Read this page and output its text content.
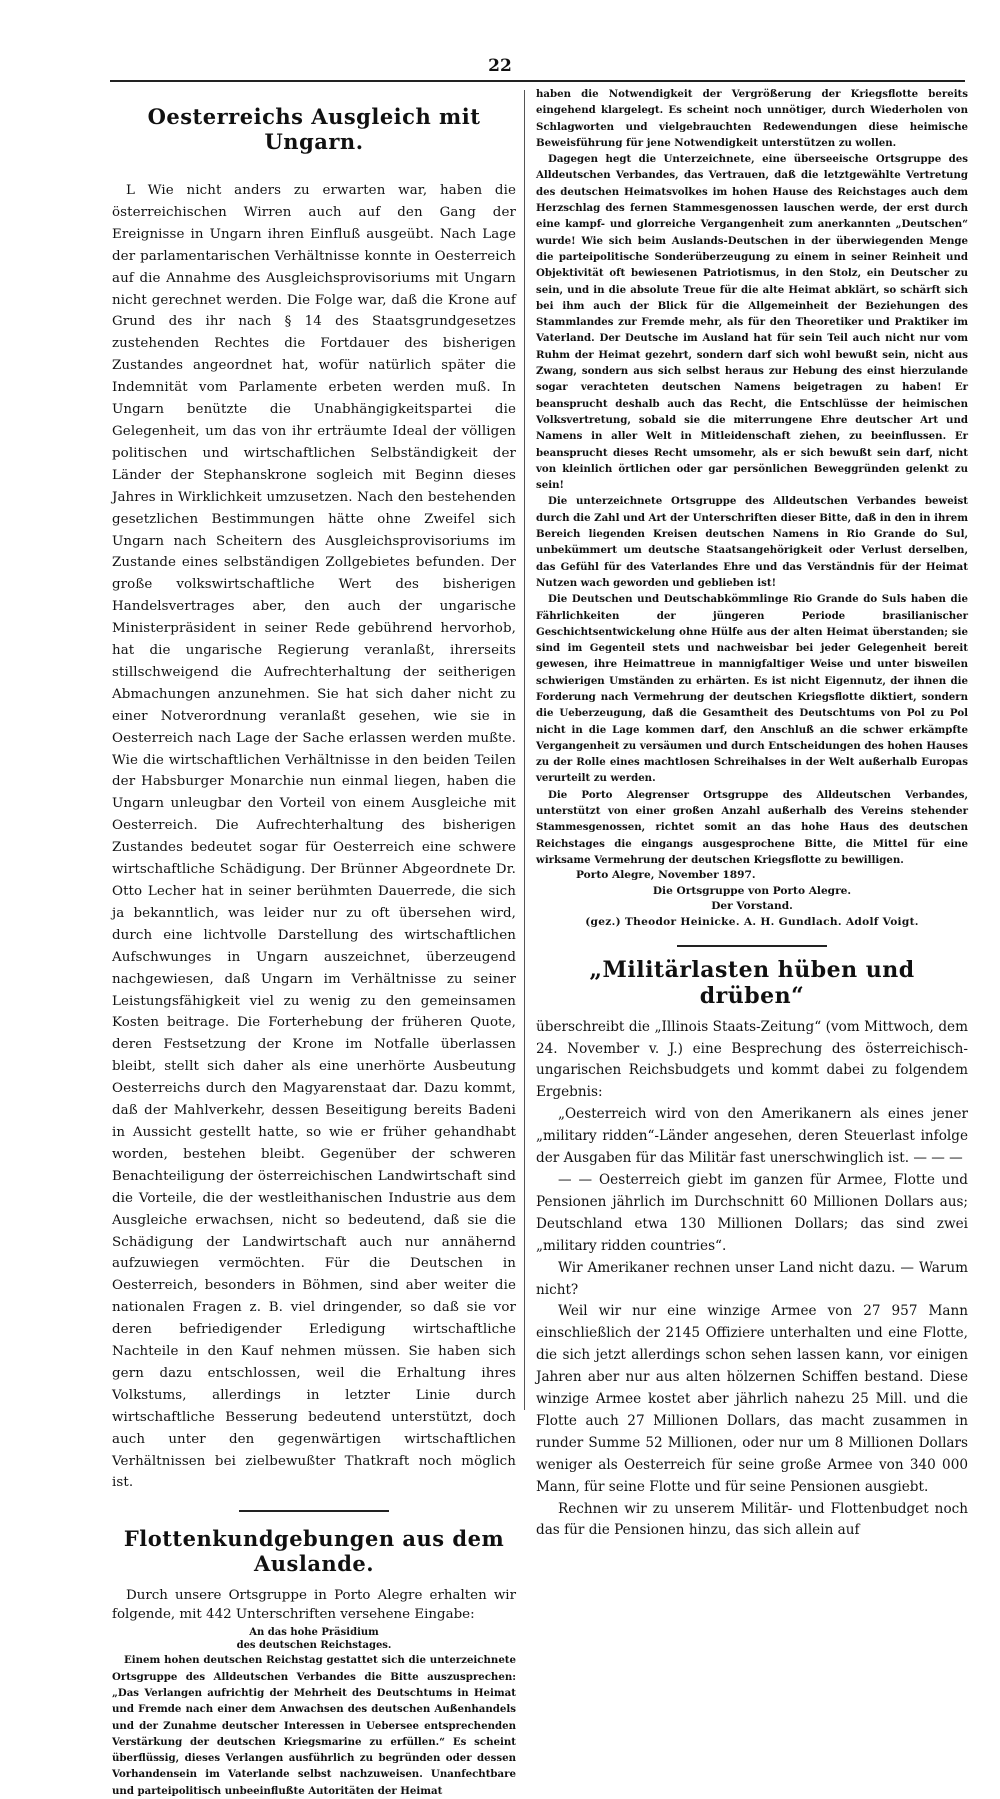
22
Oesterreichs Ausgleich mit Ungarn.

L Wie nicht anders zu erwarten war, haben die österreichischen Wirren auch auf den Gang der Ereignisse in Ungarn ihren Einfluß ausgeübt. Nach Lage der parlamentarischen Verhältnisse konnte in Oesterreich auf die Annahme des Ausgleichsprovisoriums mit Ungarn nicht gerechnet werden. Die Folge war, daß die Krone auf Grund des ihr nach § 14 des Staatsgrundgesetzes zustehenden Rechtes die Fortdauer des bisherigen Zustandes angeordnet hat, wofür natürlich später die Indemnität vom Parlamente erbeten werden muß. In Ungarn benützte die Unabhängigkeitspartei die Gelegenheit, um das von ihr erträumte Ideal der völligen politischen und wirtschaftlichen Selbständigkeit der Länder der Stephanskrone sogleich mit Beginn dieses Jahres in Wirklichkeit umzusetzen. Nach den bestehenden gesetzlichen Bestimmungen hätte ohne Zweifel sich Ungarn nach Scheitern des Ausgleichsprovisoriums im Zustande eines selbständigen Zollgebietes befunden. Der große volkswirtschaftliche Wert des bisherigen Handelsvertrages aber, den auch der ungarische Ministerpräsident in seiner Rede gebührend hervorhob, hat die ungarische Regierung veranlaßt, ihrerseits stillschweigend die Aufrechterhaltung der seitherigen Abmachungen anzunehmen. Sie hat sich daher nicht zu einer Notverordnung veranlaßt gesehen, wie sie in Oesterreich nach Lage der Sache erlassen werden mußte. Wie die wirtschaftlichen Verhältnisse in den beiden Teilen der Habsburger Monarchie nun einmal liegen, haben die Ungarn unleugbar den Vorteil von einem Ausgleiche mit Oesterreich. Die Aufrechterhaltung des bisherigen Zustandes bedeutet sogar für Oesterreich eine schwere wirtschaftliche Schädigung. Der Brünner Abgeordnete Dr. Otto Lecher hat in seiner berühmten Dauerrede, die sich ja bekanntlich, was leider nur zu oft übersehen wird, durch eine lichtvolle Darstellung des wirtschaftlichen Aufschwunges in Ungarn auszeichnet, überzeugend nachgewiesen, daß Ungarn im Verhältnisse zu seiner Leistungsfähigkeit viel zu wenig zu den gemeinsamen Kosten beitrage. Die Forterhebung der früheren Quote, deren Festsetzung der Krone im Notfalle überlassen bleibt, stellt sich daher als eine unerhörte Ausbeutung Oesterreichs durch den Magyarenstaat dar. Dazu kommt, daß der Mahlverkehr, dessen Beseitigung bereits Badeni in Aussicht gestellt hatte, so wie er früher gehandhabt worden, bestehen bleibt. Gegenüber der schweren Benachteiligung der österreichischen Landwirtschaft sind die Vorteile, die der westleithanischen Industrie aus dem Ausgleiche erwachsen, nicht so bedeutend, daß sie die Schädigung der Landwirtschaft auch nur annähernd aufzuwiegen vermöchten. Für die Deutschen in Oesterreich, besonders in Böhmen, sind aber weiter die nationalen Fragen z. B. viel dringender, so daß sie vor deren befriedigender Erledigung wirtschaftliche Nachteile in den Kauf nehmen müssen. Sie haben sich gern dazu entschlossen, weil die Erhaltung ihres Volkstums, allerdings in letzter Linie durch wirtschaftliche Besserung bedeutend unterstützt, doch auch unter den gegenwärtigen wirtschaftlichen Verhältnissen bei zielbewußter Thatkraft noch möglich ist.

Flottenkundgebungen aus dem Auslande.

Durch unsere Ortsgruppe in Porto Alegre erhalten wir folgende, mit 442 Unterschriften versehene Eingabe:

An das hohe Präsidium

des deutschen Reichstages.

Einem hohen deutschen Reichstag gestattet sich die unterzeichnete Ortsgruppe des Alldeutschen Verbandes die Bitte auszusprechen: „Das Verlangen aufrichtig der Mehrheit des Deutschtums in Heimat und Fremde nach einer dem Anwachsen des deutschen Außenhandels und der Zunahme deutscher Interessen in Uebersee entsprechenden Verstärkung der deutschen Kriegsmarine zu erfüllen.“ Es scheint überflüssig, dieses Verlangen ausführlich zu begründen oder dessen Vorhandensein im Vaterlande selbst nachzuweisen. Unanfechtbare und parteipolitisch unbeeinflußte Autoritäten der Heimat

haben die Notwendigkeit der Vergrößerung der Kriegsflotte bereits eingehend klargelegt. Es scheint noch unnötiger, durch Wiederholen von Schlagworten und vielgebrauchten Redewendungen diese heimische Beweisführung für jene Notwendigkeit unterstützen zu wollen.

Dagegen hegt die Unterzeichnete, eine überseeische Ortsgruppe des Alldeutschen Verbandes, das Vertrauen, daß die letztgewählte Vertretung des deutschen Heimatsvolkes im hohen Hause des Reichstages auch dem Herzschlag des fernen Stammesgenossen lauschen werde, der erst durch eine kampf- und glorreiche Vergangenheit zum anerkannten „Deutschen“ wurde! Wie sich beim Auslands-Deutschen in der überwiegenden Menge die parteipolitische Sonderüberzeugung zu einem in seiner Reinheit und Objektivität oft bewiesenen Patriotismus, in den Stolz, ein Deutscher zu sein, und in die absolute Treue für die alte Heimat abklärt, so schärft sich bei ihm auch der Blick für die Allgemeinheit der Beziehungen des Stammlandes zur Fremde mehr, als für den Theoretiker und Praktiker im Vaterland. Der Deutsche im Ausland hat für sein Teil auch nicht nur vom Ruhm der Heimat gezehrt, sondern darf sich wohl bewußt sein, nicht aus Zwang, sondern aus sich selbst heraus zur Hebung des einst hierzulande sogar verachteten deutschen Namens beigetragen zu haben! Er beansprucht deshalb auch das Recht, die Entschlüsse der heimischen Volksvertretung, sobald sie die miterrungene Ehre deutscher Art und Namens in aller Welt in Mitleidenschaft ziehen, zu beeinflussen. Er beansprucht dieses Recht umsomehr, als er sich bewußt sein darf, nicht von kleinlich örtlichen oder gar persönlichen Beweggründen gelenkt zu sein!

Die unterzeichnete Ortsgruppe des Alldeutschen Verbandes beweist durch die Zahl und Art der Unterschriften dieser Bitte, daß in den in ihrem Bereich liegenden Kreisen deutschen Namens in Rio Grande do Sul, unbekümmert um deutsche Staatsangehörigkeit oder Verlust derselben, das Gefühl für des Vaterlandes Ehre und das Verständnis für der Heimat Nutzen wach geworden und geblieben ist!

Die Deutschen und Deutschabkömmlinge Rio Grande do Suls haben die Fährlichkeiten der jüngeren Periode brasilianischer Geschichtsentwickelung ohne Hülfe aus der alten Heimat überstanden; sie sind im Gegenteil stets und nachweisbar bei jeder Gelegenheit bereit gewesen, ihre Heimattreue in mannigfaltiger Weise und unter bisweilen schwierigen Umständen zu erhärten. Es ist nicht Eigennutz, der ihnen die Forderung nach Vermehrung der deutschen Kriegsflotte diktiert, sondern die Ueberzeugung, daß die Gesamtheit des Deutschtums von Pol zu Pol nicht in die Lage kommen darf, den Anschluß an die schwer erkämpfte Vergangenheit zu versäumen und durch Entscheidungen des hohen Hauses zu der Rolle eines machtlosen Schreihalses in der Welt außerhalb Europas verurteilt zu werden.

Die Porto Alegrenser Ortsgruppe des Alldeutschen Verbandes, unterstützt von einer großen Anzahl außerhalb des Vereins stehender Stammesgenossen, richtet somit an das hohe Haus des deutschen Reichstages die eingangs ausgesprochene Bitte, die Mittel für eine wirksame Vermehrung der deutschen Kriegsflotte zu bewilligen.

Porto Alegre, November 1897.

Die Ortsgruppe von Porto Alegre.

Der Vorstand.

(gez.) Theodor Heinicke. A. H. Gundlach. Adolf Voigt.

„Militärlasten hüben und drüben“

überschreibt die „Illinois Staats-Zeitung“ (vom Mittwoch, dem 24. November v. J.) eine Besprechung des österreichisch-ungarischen Reichsbudgets und kommt dabei zu folgendem Ergebnis:

„Oesterreich wird von den Amerikanern als eines jener „military ridden“-Länder angesehen, deren Steuerlast infolge der Ausgaben für das Militär fast unerschwinglich ist. — — —

— — Oesterreich giebt im ganzen für Armee, Flotte und Pensionen jährlich im Durchschnitt 60 Millionen Dollars aus; Deutschland etwa 130 Millionen Dollars; das sind zwei „military ridden countries“.

Wir Amerikaner rechnen unser Land nicht dazu. — Warum nicht?

Weil wir nur eine winzige Armee von 27 957 Mann einschließlich der 2145 Offiziere unterhalten und eine Flotte, die sich jetzt allerdings schon sehen lassen kann, vor einigen Jahren aber nur aus alten hölzernen Schiffen bestand. Diese winzige Armee kostet aber jährlich nahezu 25 Mill. und die Flotte auch 27 Millionen Dollars, das macht zusammen in runder Summe 52 Millionen, oder nur um 8 Millionen Dollars weniger als Oesterreich für seine große Armee von 340 000 Mann, für seine Flotte und für seine Pensionen ausgiebt.

Rechnen wir zu unserem Militär- und Flottenbudget noch das für die Pensionen hinzu, das sich allein auf
